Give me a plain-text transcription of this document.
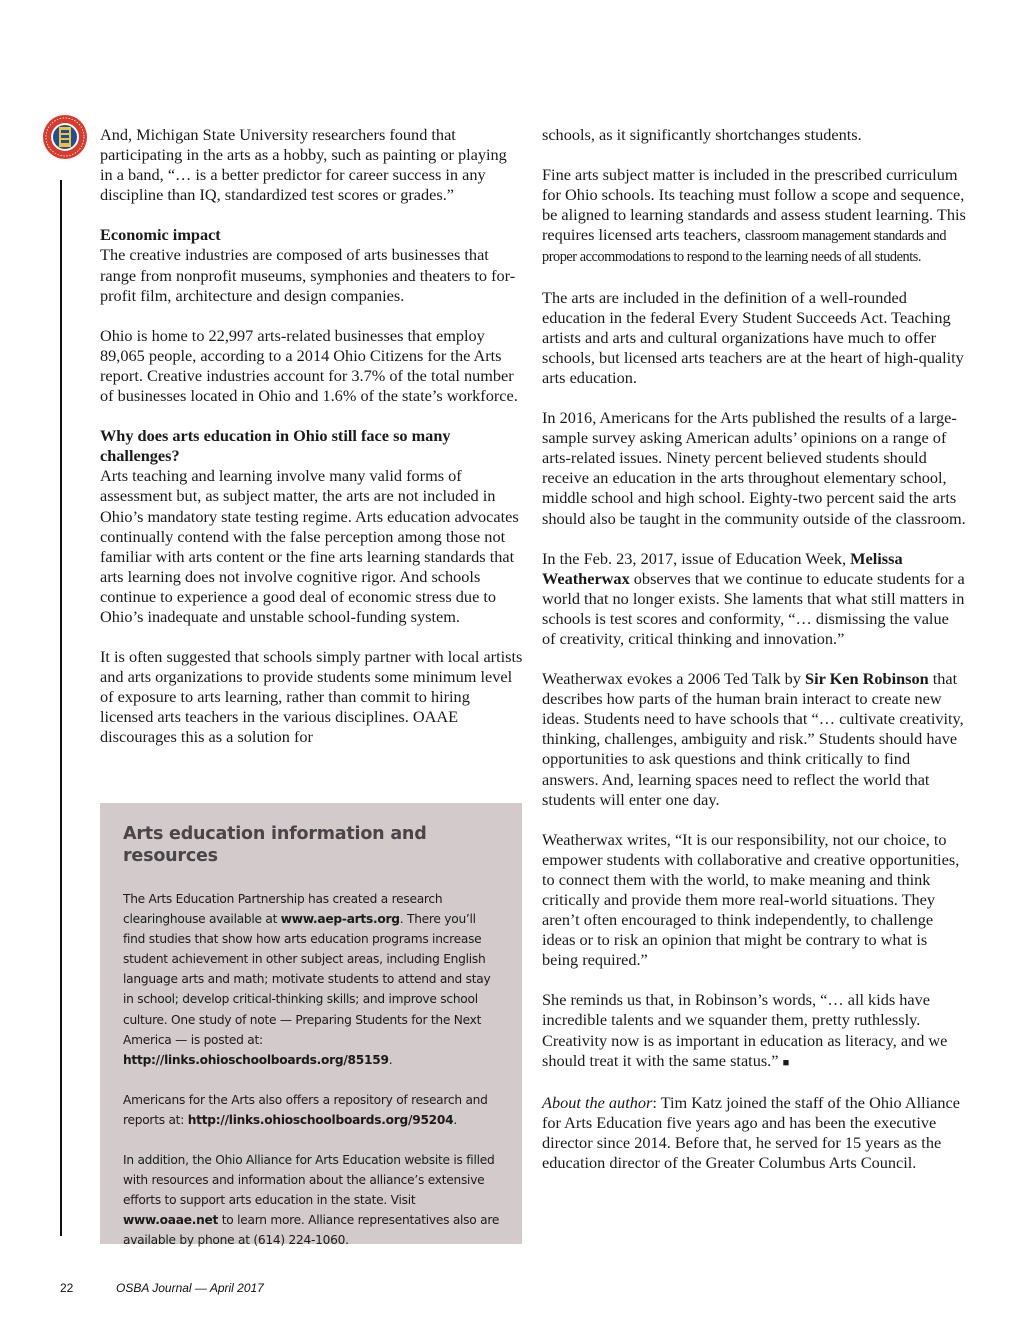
And, Michigan State University researchers found that participating in the arts as a hobby, such as painting or playing in a band, “… is a better predictor for career success in any discipline than IQ, standardized test scores or grades.”

Economic impact

The creative industries are composed of arts businesses that range from nonprofit museums, symphonies and theaters to for-profit film, architecture and design companies.

Ohio is home to 22,997 arts-related businesses that employ 89,065 people, according to a 2014 Ohio Citizens for the Arts report. Creative industries account for 3.7% of the total number of businesses located in Ohio and 1.6% of the state’s workforce.

Why does arts education in Ohio still face so many challenges?

Arts teaching and learning involve many valid forms of assessment but, as subject matter, the arts are not included in Ohio’s mandatory state testing regime. Arts education advocates continually contend with the false perception among those not familiar with arts content or the fine arts learning standards that arts learning does not involve cognitive rigor. And schools continue to experience a good deal of economic stress due to Ohio’s inadequate and unstable school-funding system.

It is often suggested that schools simply partner with local artists and arts organizations to provide students some minimum level of exposure to arts learning, rather than commit to hiring licensed arts teachers in the various disciplines. OAAE discourages this as a solution for

Arts education information and resources

The Arts Education Partnership has created a research clearinghouse available at www.aep-arts.org. There you’ll find studies that show how arts education programs increase student achievement in other subject areas, including English language arts and math; motivate students to attend and stay in school; develop critical-thinking skills; and improve school culture. One study of note — Preparing Students for the Next America — is posted at: http://links.ohioschoolboards.org/85159.

Americans for the Arts also offers a repository of research and reports at: http://links.ohioschoolboards.org/95204.

In addition, the Ohio Alliance for Arts Education website is filled with resources and information about the alliance’s extensive efforts to support arts education in the state. Visit www.oaae.net to learn more. Alliance representatives also are available by phone at (614) 224-1060.

schools, as it significantly shortchanges students.

Fine arts subject matter is included in the prescribed curriculum for Ohio schools. Its teaching must follow a scope and sequence, be aligned to learning standards and assess student learning. This requires licensed arts teachers, classroom management standards and proper accommodations to respond to the learning needs of all students.

The arts are included in the definition of a well-rounded education in the federal Every Student Succeeds Act. Teaching artists and arts and cultural organizations have much to offer schools, but licensed arts teachers are at the heart of high-quality arts education.

In 2016, Americans for the Arts published the results of a large-sample survey asking American adults’ opinions on a range of arts-related issues. Ninety percent believed students should receive an education in the arts throughout elementary school, middle school and high school. Eighty-two percent said the arts should also be taught in the community outside of the classroom.

In the Feb. 23, 2017, issue of Education Week, Melissa Weatherwax observes that we continue to educate students for a world that no longer exists. She laments that what still matters in schools is test scores and conformity, “… dismissing the value of creativity, critical thinking and innovation.”

Weatherwax evokes a 2006 Ted Talk by Sir Ken Robinson that describes how parts of the human brain interact to create new ideas. Students need to have schools that “… cultivate creativity, thinking, challenges, ambiguity and risk.” Students should have opportunities to ask questions and think critically to find answers. And, learning spaces need to reflect the world that students will enter one day.

Weatherwax writes, “It is our responsibility, not our choice, to empower students with collaborative and creative opportunities, to connect them with the world, to make meaning and think critically and provide them more real-world situations. They aren’t often encouraged to think independently, to challenge ideas or to risk an opinion that might be contrary to what is being required.”

She reminds us that, in Robinson’s words, “… all kids have incredible talents and we squander them, pretty ruthlessly. Creativity now is as important in education as literacy, and we should treat it with the same status.” ■

About the author: Tim Katz joined the staff of the Ohio Alliance for Arts Education five years ago and has been the executive director since 2014. Before that, he served for 15 years as the education director of the Greater Columbus Arts Council.

22	OSBA Journal — April 2017
